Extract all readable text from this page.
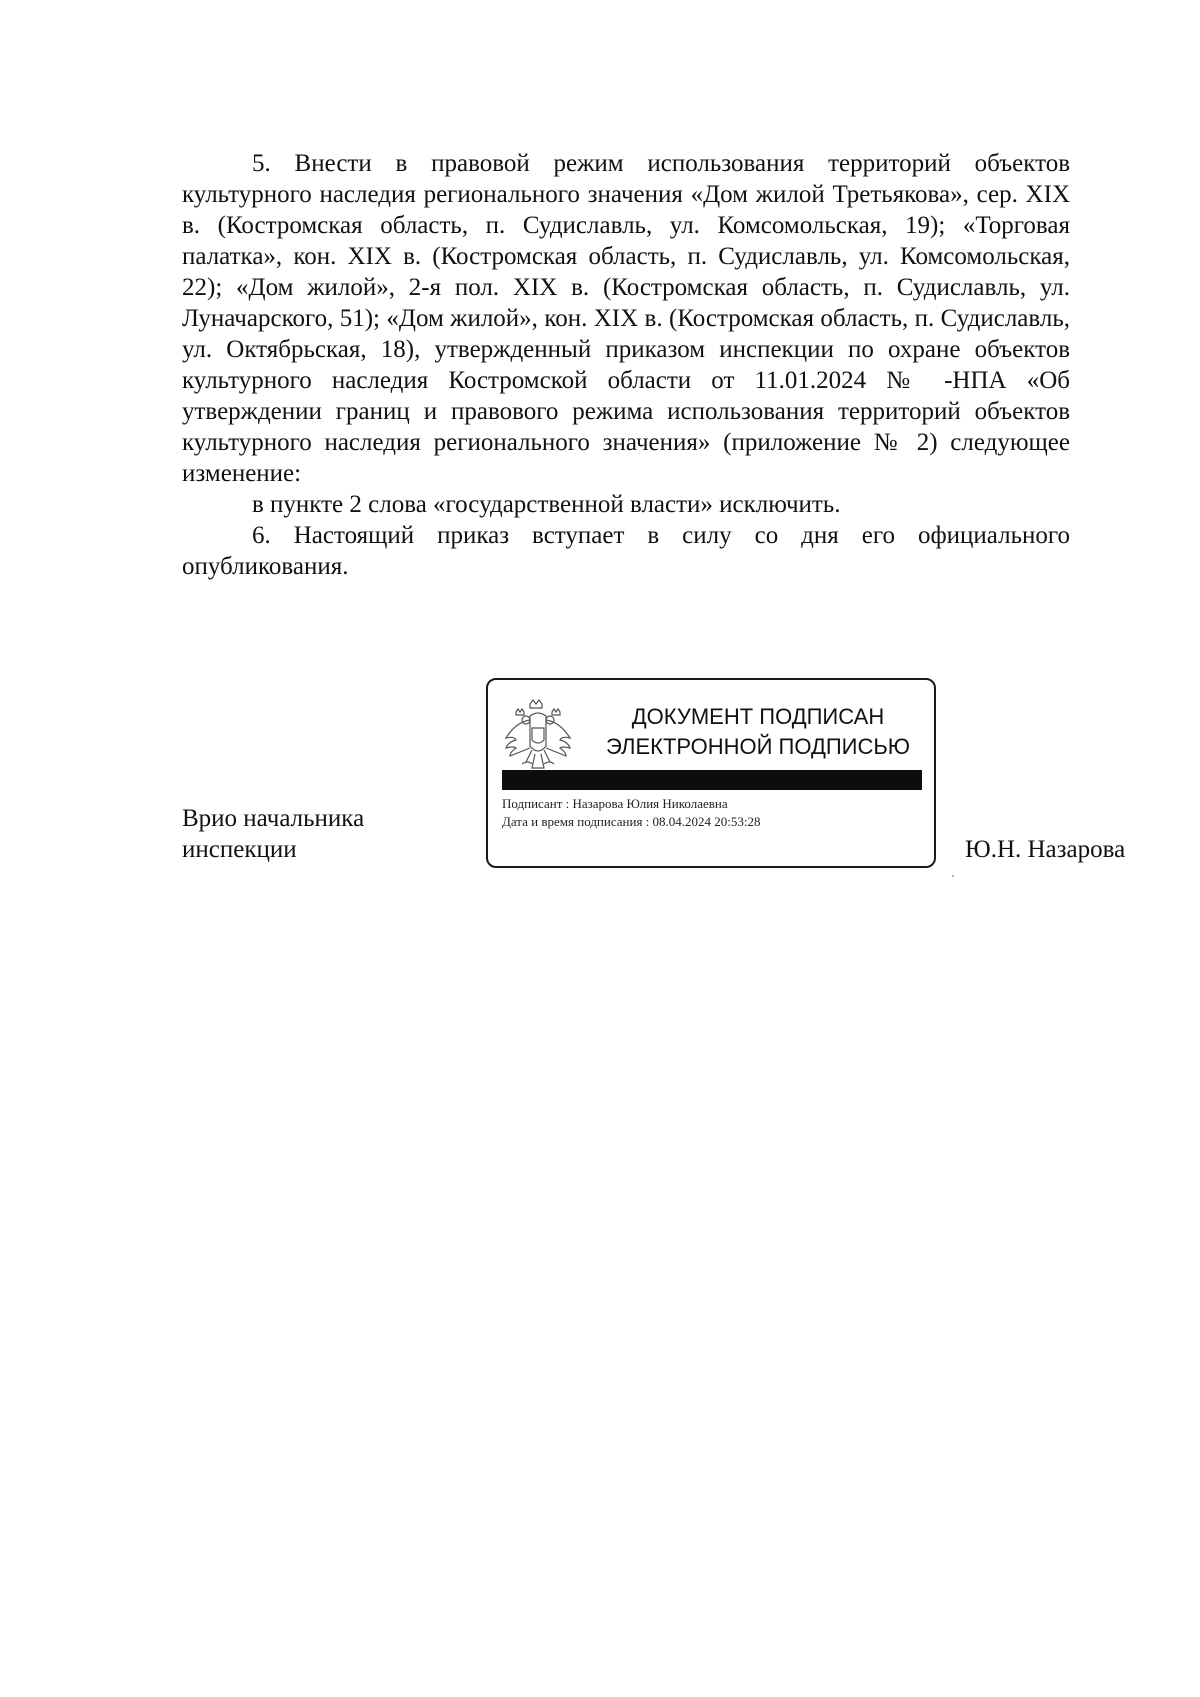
5. Внести в правовой режим использования территорий объектов культурного наследия регионального значения «Дом жилой Третьякова», сер. XIX в. (Костромская область, п. Судиславль, ул. Комсомольская, 19); «Торговая палатка», кон. XIX в. (Костромская область, п. Судиславль, ул. Комсомольская, 22); «Дом жилой», 2-я пол. XIX в. (Костромская область, п. Судиславль, ул. Луначарского, 51); «Дом жилой», кон. XIX в. (Костромская область, п. Судиславль, ул. Октябрьская, 18), утвержденный приказом инспекции по охране объектов культурного наследия Костромской области от 11.01.2024 № -НПА «Об утверждении границ и правового режима использования территорий объектов культурного наследия регионального значения» (приложение № 2) следующее изменение:

в пункте 2 слова «государственной власти» исключить.

6. Настоящий приказ вступает в силу со дня его официального опубликования.

ДОКУМЕНТ ПОДПИСАН
ЭЛЕКТРОННОЙ ПОДПИСЬЮ
Подписант : Назарова Юлия Николаевна
Дата и время подписания : 08.04.2024 20:53:28
Врио начальника
инспекции	Ю.Н. Назарова
